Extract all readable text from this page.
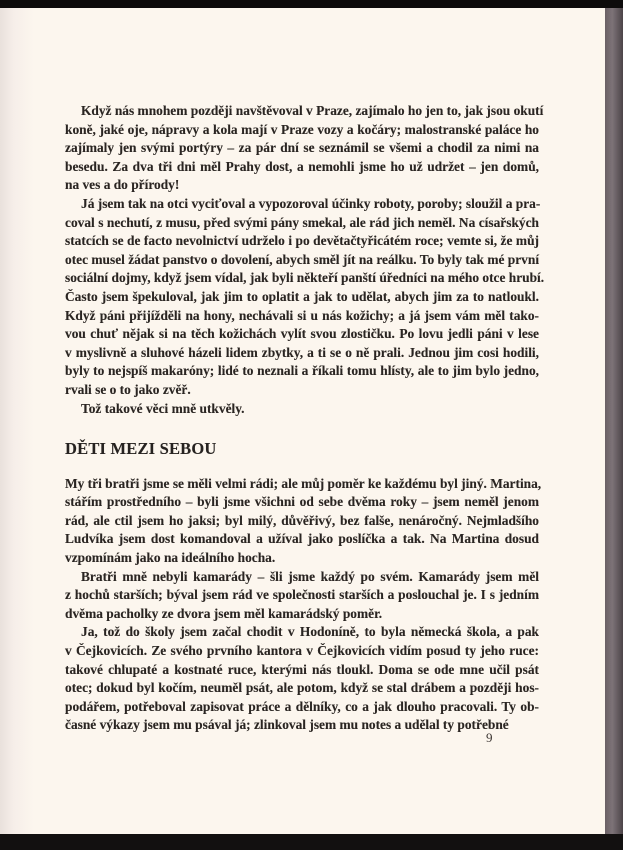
Když nás mnohem později navštěvoval v Praze, zajímalo ho jen to, jak jsou okutí
koně, jaké oje, nápravy a kola mají v Praze vozy a kočáry; malostranské paláce ho
zajímaly jen svými portýry – za pár dní se seznámil se všemi a chodil za nimi na
besedu. Za dva tři dni měl Prahy dost, a nemohli jsme ho už udržet – jen domů,
na ves a do přírody!
Já jsem tak na otci vyciťoval a vypozoroval účinky roboty, poroby; sloužil a pra-
coval s nechutí, z musu, před svými pány smekal, ale rád jich neměl. Na císařských
statcích se de facto nevolnictví udrželo i po devětačtyřicátém roce; vemte si, že můj
otec musel žádat panstvo o dovolení, abych směl jít na reálku. To byly tak mé první
sociální dojmy, když jsem vídal, jak byli někteří panští úředníci na mého otce hrubí.
Často jsem špekuloval, jak jim to oplatit a jak to udělat, abych jim za to natloukl.
Když páni přijížděli na hony, nechávali si u nás kožichy; a já jsem vám měl tako-
vou chuť nějak si na těch kožichách vylít svou zlostičku. Po lovu jedli páni v lese
v myslivně a sluhové házeli lidem zbytky, a ti se o ně prali. Jednou jim cosi hodili,
byly to nejspíš makaróny; lidé to neznali a říkali tomu hlísty, ale to jim bylo jedno,
rvali se o to jako zvěř.
Tož takové věci mně utkvěly.
DĚTI MEZI SEBOU
My tři bratři jsme se měli velmi rádi; ale můj poměr ke každému byl jiný. Martina,
stářím prostředního – byli jsme všichni od sebe dvěma roky – jsem neměl jenom
rád, ale ctil jsem ho jaksi; byl milý, důvěřivý, bez falše, nenáročný. Nejmladšího
Ludvíka jsem dost komandoval a užíval jako poslíčka a tak. Na Martina dosud
vzpomínám jako na ideálního hocha.
Bratři mně nebyli kamarády – šli jsme každý po svém. Kamarády jsem měl
z hochů starších; býval jsem rád ve společnosti starších a poslouchal je. I s jedním
dvěma pacholky ze dvora jsem měl kamarádský poměr.
Ja, tož do školy jsem začal chodit v Hodoníně, to byla německá škola, a pak
v Čejkovicích. Ze svého prvního kantora v Čejkovicích vidím posud ty jeho ruce:
takové chlupaté a kostnaté ruce, kterými nás tloukl. Doma se ode mne učil psát
otec; dokud byl kočím, neuměl psát, ale potom, když se stal drábem a později hos-
podářem, potřeboval zapisovat práce a dělníky, co a jak dlouho pracovali. Ty ob-
časné výkazy jsem mu psával já; zlinkoval jsem mu notes a udělal ty potřebné
9
